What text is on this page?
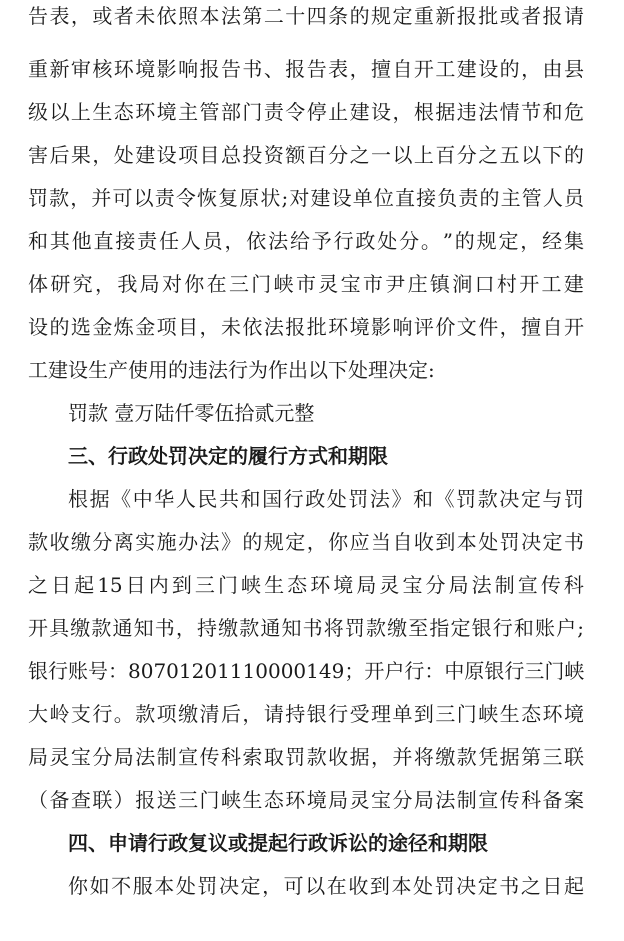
告 表 ， 或 者 未 依 照 本 法 第 二 十 四 条 的 规 定 重 新 报 批 或 者 报 请
重 新 审 核 环 境 影 响 报 告 书 、 报 告 表 ， 擅 自 开 工 建 设 的 ， 由 县
级 以 上 生 态 环 境 主 管 部 门 责 令 停 止 建 设 ， 根 据 违 法 情 节 和 危
害 后 果 ， 处 建 设 项 目 总 投 资 额 百 分 之 一 以 上 百 分 之 五 以 下 的
罚 款 ， 并 可 以 责 令 恢 复 原 状 ; 对 建 设 单 位 直 接 负 责 的 主 管 人 员
和 其 他 直 接 责 任 人 员 ， 依 法 给 予 行 政 处 分 。 ” 的 规 定 ， 经 集
体 研 究 ， 我 局 对 你 在 三 门 峡 市 灵 宝 市 尹 庄 镇 涧 口 村 开 工 建
设 的 选 金 炼 金 项 目 ， 未 依 法 报 批 环 境 影 响 评 价 文 件 ， 擅 自 开
工建设生产使用的违法行为作出以下处理决定:
罚款 壹万陆仟零伍拾贰元整
三、行政处罚决定的履行方式和期限
根 据 《 中 华 人 民 共 和 国 行 政 处 罚 法 》 和 《 罚 款 决 定 与 罚
款 收 缴 分 离 实 施 办 法 》 的 规 定 ， 你 应 当 自 收 到 本 处 罚 决 定 书
之 日 起 15 日 内 到 三 门 峡 生 态 环 境 局 灵 宝 分 局 法 制 宣 传 科
开 具 缴 款 通 知 书 ， 持 缴 款 通 知 书 将 罚 款 缴 至 指 定 银 行 和 账 户 ;
银 行 账 号 ： 80701201110000149 ； 开 户 行 ： 中 原 银 行 三 门 峡
大 岭 支 行 。 款 项 缴 清 后 ， 请 持 银 行 受 理 单 到 三 门 峡 生 态 环 境
局 灵 宝 分 局 法 制 宣 传 科 索 取 罚 款 收 据 ， 并 将 缴 款 凭 据 第 三 联
（ 备 查 联 ） 报 送 三 门 峡 生 态 环 境 局 灵 宝 分 局 法 制 宣 传 科 备 案
四、申请行政复议或提起行政诉讼的途径和期限
你 如 不 服 本 处 罚 决 定 ， 可 以 在 收 到 本 处 罚 决 定 书 之 日 起
